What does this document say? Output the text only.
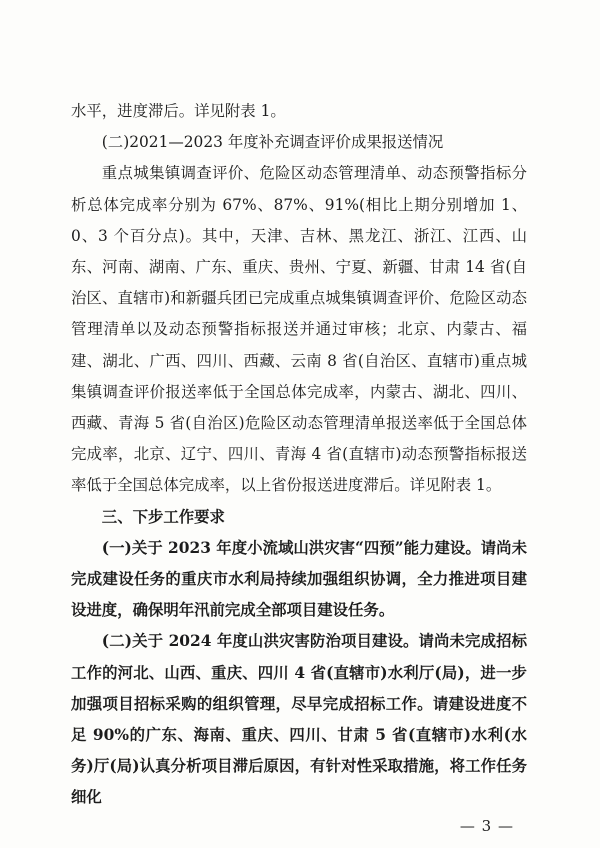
水平，进度滞后。详见附表 1。

(二)2021—2023 年度补充调查评价成果报送情况

重点城集镇调查评价、危险区动态管理清单、动态预警指标分析总体完成率分别为 67%、87%、91%(相比上期分别增加 1、0、3 个百分点)。其中，天津、吉林、黑龙江、浙江、江西、山东、河南、湖南、广东、重庆、贵州、宁夏、新疆、甘肃 14 省(自治区、直辖市)和新疆兵团已完成重点城集镇调查评价、危险区动态管理清单以及动态预警指标报送并通过审核；北京、内蒙古、福建、湖北、广西、四川、西藏、云南 8 省(自治区、直辖市)重点城集镇调查评价报送率低于全国总体完成率，内蒙古、湖北、四川、西藏、青海 5 省(自治区)危险区动态管理清单报送率低于全国总体完成率，北京、辽宁、四川、青海 4 省(直辖市)动态预警指标报送率低于全国总体完成率，以上省份报送进度滞后。详见附表 1。

三、下步工作要求

(一)关于 2023 年度小流域山洪灾害“四预”能力建设。请尚未完成建设任务的重庆市水利局持续加强组织协调，全力推进项目建设进度，确保明年汛前完成全部项目建设任务。

(二)关于 2024 年度山洪灾害防治项目建设。请尚未完成招标工作的河北、山西、重庆、四川 4 省(直辖市)水利厅(局)，进一步加强项目招标采购的组织管理，尽早完成招标工作。请建设进度不足 90%的广东、海南、重庆、四川、甘肃 5 省(直辖市)水利(水务)厅(局)认真分析项目滞后原因，有针对性采取措施，将工作任务细化

— 3 —
